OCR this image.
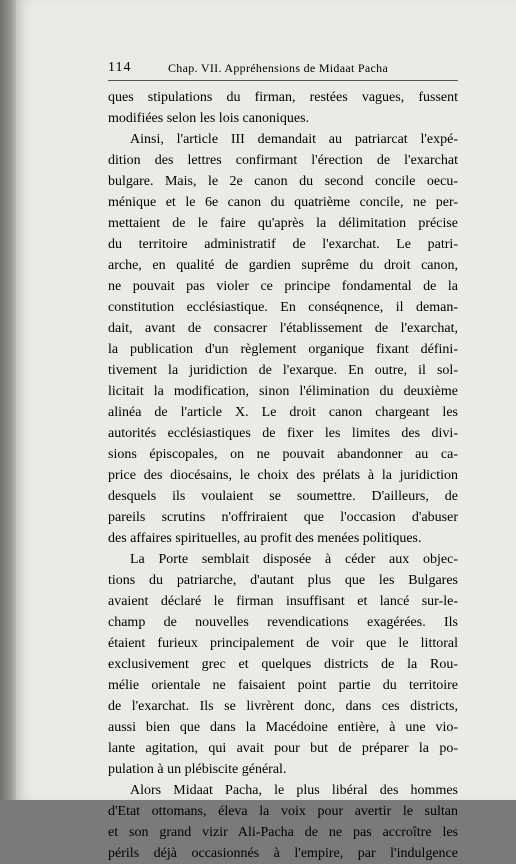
114	Chap. VII. Appréhensions de Midaat Pacha
ques stipulations du firman, restées vagues, fussent
modifiées selon les lois canoniques.
Ainsi, l'article III demandait au patriarcat l'expé-
dition des lettres confirmant l'érection de l'exarchat
bulgare. Mais, le 2e canon du second concile oecu-
ménique et le 6e canon du quatrième concile, ne per-
mettaient de le faire qu'après la délimitation précise
du territoire administratif de l'exarchat. Le patri-
arche, en qualité de gardien suprême du droit canon,
ne pouvait pas violer ce principe fondamental de la
constitution ecclésiastique. En conséqnence, il deman-
dait, avant de consacrer l'établissement de l'exarchat,
la publication d'un règlement organique fixant défini-
tivement la juridiction de l'exarque. En outre, il sol-
licitait la modification, sinon l'élimination du deuxième
alinéa de l'article X. Le droit canon chargeant les
autorités ecclésiastiques de fixer les limites des divi-
sions épiscopales, on ne pouvait abandonner au ca-
price des diocésains, le choix des prélats à la juridiction
desquels ils voulaient se soumettre. D'ailleurs, de
pareils scrutins n'offriraient que l'occasion d'abuser
des affaires spirituelles, au profit des menées politiques.
La Porte semblait disposée à céder aux objec-
tions du patriarche, d'autant plus que les Bulgares
avaient déclaré le firman insuffisant et lancé sur-le-
champ de nouvelles revendications exagérées. Ils
étaient furieux principalement de voir que le littoral
exclusivement grec et quelques districts de la Rou-
mélie orientale ne faisaient point partie du territoire
de l'exarchat. Ils se livrèrent donc, dans ces districts,
aussi bien que dans la Macédoine entière, à une vio-
lante agitation, qui avait pour but de préparer la po-
pulation à un plébiscite général.
Alors Midaat Pacha, le plus libéral des hommes
d'Etat ottomans, éleva la voix pour avertir le sultan
et son grand vizir Ali-Pacha de ne pas accroître les
périls déjà occasionnés à l'empire, par l'indulgence
